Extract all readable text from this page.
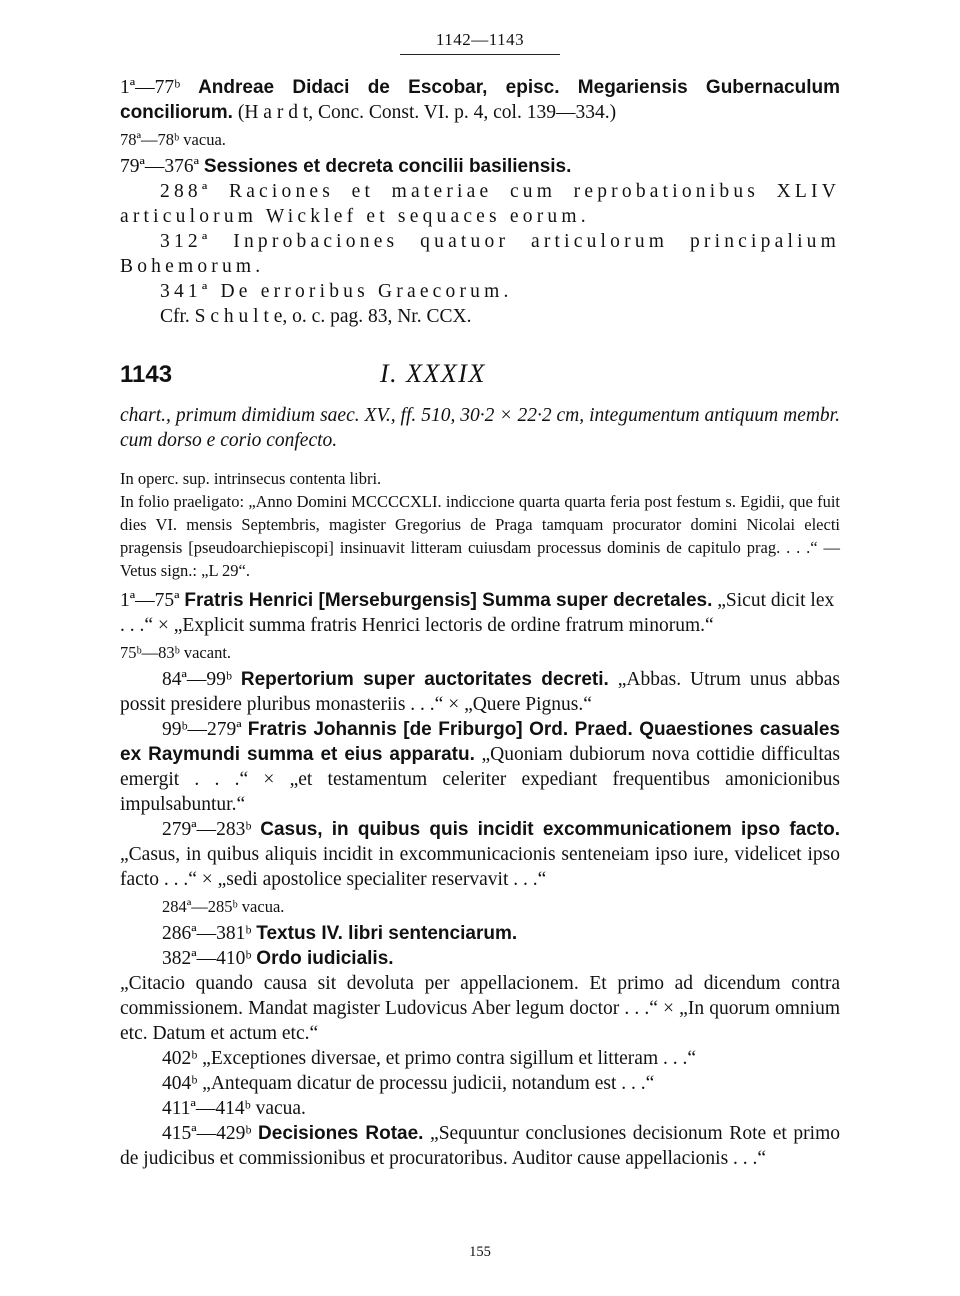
1142—1143

1ª—77ᵇ Andreae Didaci de Escobar, episc. Megariensis Gubernaculum conciliorum. (H a r d t, Conc. Const. VI. p. 4, col. 139—334.)

78ª—78ᵇ vacua.

79ª—376ª Sessiones et decreta concilii basiliensis.

288ª Raciones et materiae cum reprobationibus XLIV articulorum Wicklef et sequaces eorum.

312ª Inprobaciones quatuor articulorum principalium Bohemorum.

341ª De erroribus Graecorum.

Cfr. S c h u l t e, o. c. pag. 83, Nr. CCX.

1143	I. XXXIX

chart., primum dimidium saec. XV., ff. 510, 30·2 × 22·2 cm, integumentum antiquum membr. cum dorso e corio confecto.

In operc. sup. intrinsecus contenta libri.

In folio praeligato: „Anno Domini MCCCCXLI. indiccione quarta quarta feria post festum s. Egidii, que fuit dies VI. mensis Septembris, magister Gregorius de Praga tamquam procurator domini Nicolai electi pragensis [pseudoarchiepiscopi] insinuavit litteram cuiusdam processus dominis de capitulo prag. . . .“ — Vetus sign.: „L 29“.

1ª—75ª Fratris Henrici [Merseburgensis] Summa super decretales. „Sicut dicit lex . . .“ × „Explicit summa fratris Henrici lectoris de ordine fratrum minorum.“

75ᵇ—83ᵇ vacant.

84ª—99ᵇ Repertorium super auctoritates decreti. „Abbas. Utrum unus abbas possit presidere pluribus monasteriis . . .“ × „Quere Pignus.“

99ᵇ—279ª Fratris Johannis [de Friburgo] Ord. Praed. Quaestiones casuales ex Raymundi summa et eius apparatu. „Quoniam dubiorum nova cottidie difficultas emergit . . .“ × „et testamentum celeriter expediant frequentibus amonicionibus impulsabuntur.“

279ª—283ᵇ Casus, in quibus quis incidit excommunicationem ipso facto. „Casus, in quibus aliquis incidit in excommunicacionis senteneiam ipso iure, videlicet ipso facto . . .“ × „sedi apostolice specialiter reservavit . . .“

284ª—285ᵇ vacua.

286ª—381ᵇ Textus IV. libri sentenciarum.

382ª—410ᵇ Ordo iudicialis.

„Citacio quando causa sit devoluta per appellacionem. Et primo ad dicendum contra commissionem. Mandat magister Ludovicus Aber legum doctor . . .“ × „In quorum omnium etc. Datum et actum etc.“

402ᵇ „Exceptiones diversae, et primo contra sigillum et litteram . . .“

404ᵇ „Antequam dicatur de processu judicii, notandum est . . .“

411ª—414ᵇ vacua.

415ª—429ᵇ Decisiones Rotae. „Sequuntur conclusiones decisionum Rote et primo de judicibus et commissionibus et procuratoribus. Auditor cause appellacionis . . .“

155
